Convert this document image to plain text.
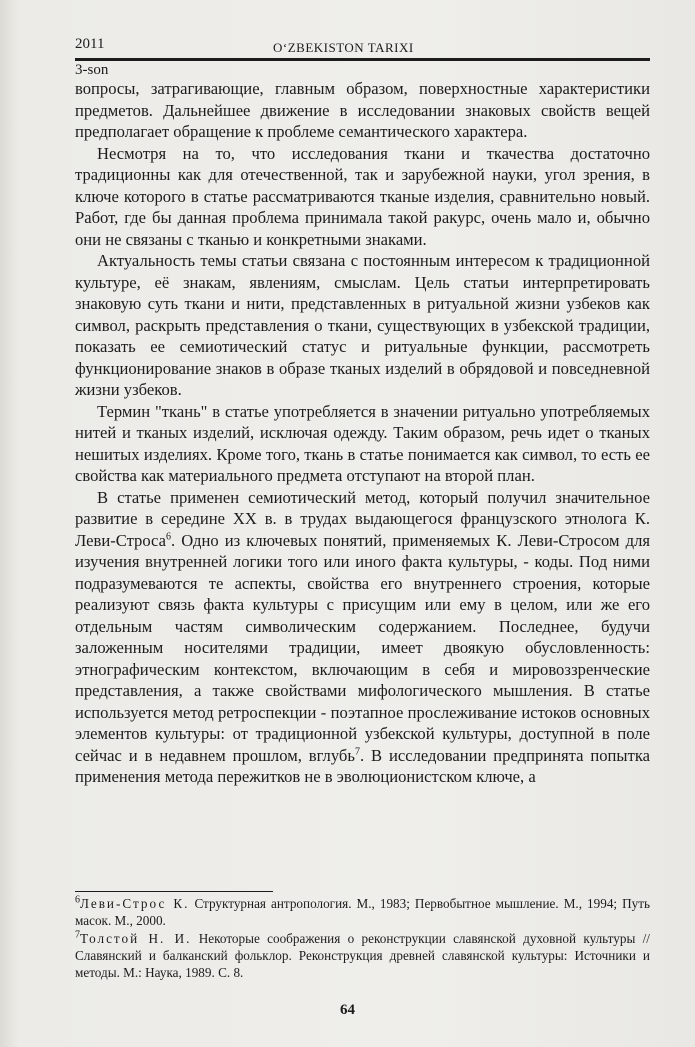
2011	O‘ZBEKISTON TARIXI
3-son

вопросы, затрагивающие, главным образом, поверхностные характеристики предметов. Дальнейшее движение в исследовании знаковых свойств вещей предполагает обращение к проблеме семантического характера.

Несмотря на то, что исследования ткани и ткачества достаточно традиционны как для отечественной, так и зарубежной науки, угол зрения, в ключе которого в статье рассматриваются тканые изделия, сравнительно новый. Работ, где бы данная проблема принимала такой ракурс, очень мало и, обычно они не связаны с тканью и конкретными знаками.

Актуальность темы статьи связана с постоянным интересом к традиционной культуре, её знакам, явлениям, смыслам. Цель статьи интерпретировать знаковую суть ткани и нити, представленных в ритуальной жизни узбеков как символ, раскрыть представления о ткани, существующих в узбекской традиции, показать ее семиотический статус и ритуальные функции, рассмотреть функционирование знаков в образе тканых изделий в обрядовой и повседневной жизни узбеков.

Термин "ткань" в статье употребляется в значении ритуально употребляемых нитей и тканых изделий, исключая одежду. Таким образом, речь идет о тканых нешитых изделиях. Кроме того, ткань в статье понимается как символ, то есть ее свойства как материального предмета отступают на второй план.

В статье применен семиотический метод, который получил значительное развитие в середине XX в. в трудах выдающегося французского этнолога К. Леви-Строса$^6$. Одно из ключевых понятий, применяемых К. Леви-Стросом для изучения внутренней логики того или иного факта культуры, - коды. Под ними подразумеваются те аспекты, свойства его внутреннего строения, которые реализуют связь факта культуры с присущим или ему в целом, или же его отдельным частям символическим содержанием. Последнее, будучи заложенным носителями традиции, имеет двоякую обусловленность: этнографическим контекстом, включающим в себя и мировоззренческие представления, а также свойствами мифологического мышления. В статье используется метод ретроспекции - поэтапное прослеживание истоков основных элементов культуры: от традиционной узбекской культуры, доступной в поле сейчас и в недавнем прошлом, вглубь$^7$. В исследовании предпринята попытка применения метода пережитков не в эволюционистском ключе, а

$^6$Леви-Строс К. Структурная антропология. М., 1983; Первобытное мышление. М., 1994; Путь масок. М., 2000.

$^7$Толстой Н. И. Некоторые соображения о реконструкции славянской духовной культуры // Славянский и балканский фольклор. Реконструкция древней славянской культуры: Источники и методы. М.: Наука, 1989. С. 8.

64
